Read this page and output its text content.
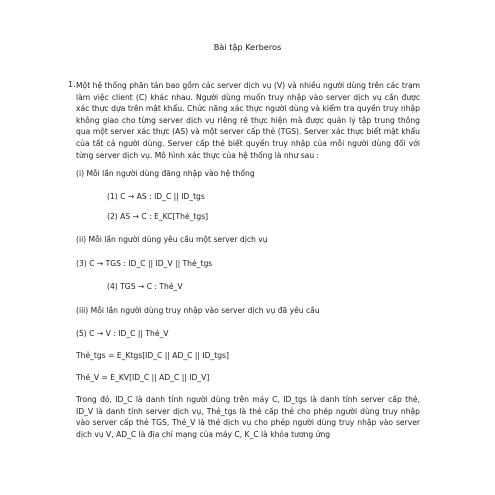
Bài tập Kerberos
1. Một hệ thống phân tán bao gồm các server dịch vụ (V) và nhiều người dùng trên các trạm làm việc client (C) khác nhau. Người dùng muốn truy nhập vào server dịch vụ cần được xác thực dựa trên mật khẩu. Chức năng xác thực người dùng và kiểm tra quyền truy nhập không giao cho từng server dịch vụ riêng rẽ thực hiện mà được quản lý tập trung thông qua một server xác thực (AS) và một server cấp thẻ (TGS). Server xác thực biết mật khẩu của tất cả người dùng. Server cấp thẻ biết quyền truy nhập của mỗi người dùng đối với từng server dịch vụ. Mô hình xác thực của hệ thống là như sau :

(i) Mỗi lần người dùng đăng nhập vào hệ thống

(1) C → AS : ID_C || ID_tgs

(2) AS → C : E_KC[Thẻ_tgs]

(ii) Mỗi lần người dùng yêu cầu một server dịch vụ

(3) C → TGS : ID_C || ID_V || Thẻ_tgs

(4) TGS → C : Thẻ_V

(iii) Mỗi lần người dùng truy nhập vào server dịch vụ đã yêu cầu

(5) C → V : ID_C || Thẻ_V

Thẻ_tgs = E_Ktgs[ID_C || AD_C || ID_tgs]

Thẻ_V = E_KV[ID_C || AD_C || ID_V]

Trong đó, ID_C là danh tính người dùng trên máy C, ID_tgs là danh tính server cấp thẻ, ID_V là danh tính server dịch vụ, Thẻ_tgs là thẻ cấp thẻ cho phép người dùng truy nhập vào server cấp thẻ TGS, Thẻ_V là thẻ dịch vụ cho phép người dùng truy nhập vào server dịch vụ V, AD_C là địa chỉ mạng của máy C, K_C là khóa tương ứng
